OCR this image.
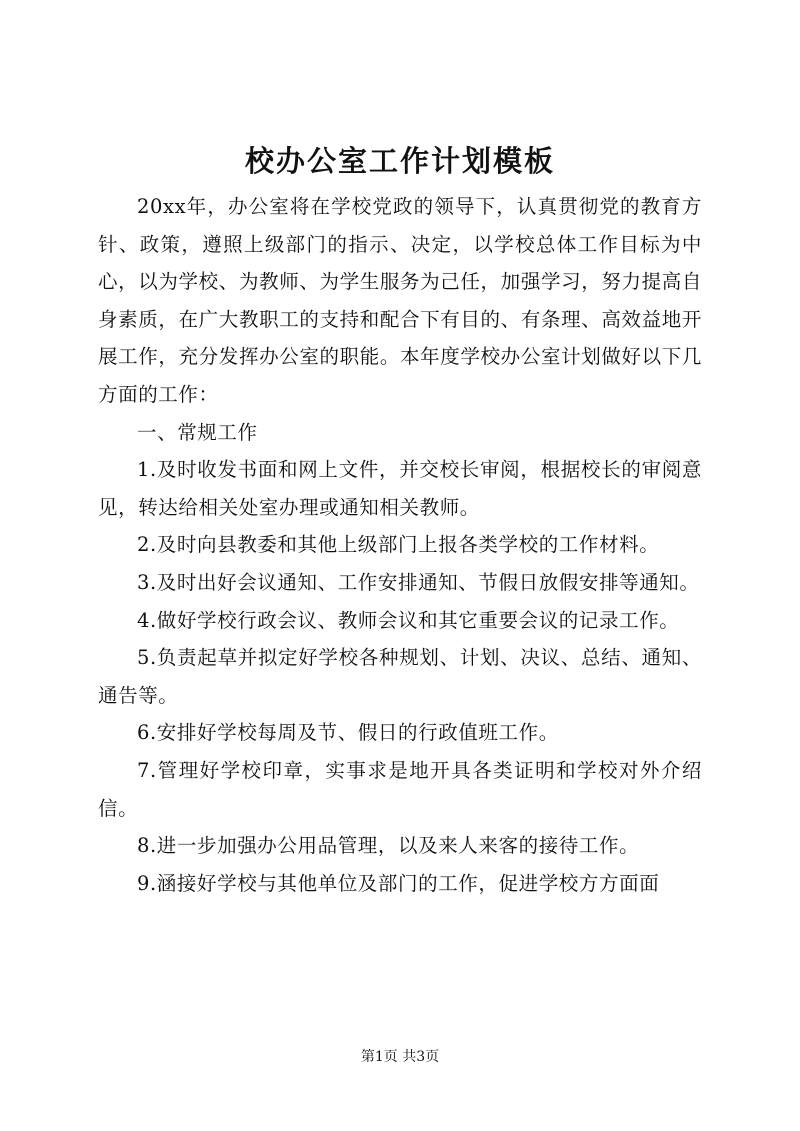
校办公室工作计划模板

20xx年，办公室将在学校党政的领导下，认真贯彻党的教育方针、政策，遵照上级部门的指示、决定，以学校总体工作目标为中心，以为学校、为教师、为学生服务为己任，加强学习，努力提高自身素质，在广大教职工的支持和配合下有目的、有条理、高效益地开展工作，充分发挥办公室的职能。本年度学校办公室计划做好以下几方面的工作：

一、常规工作

1.及时收发书面和网上文件，并交校长审阅，根据校长的审阅意见，转达给相关处室办理或通知相关教师。

2.及时向县教委和其他上级部门上报各类学校的工作材料。

3.及时出好会议通知、工作安排通知、节假日放假安排等通知。

4.做好学校行政会议、教师会议和其它重要会议的记录工作。

5.负责起草并拟定好学校各种规划、计划、决议、总结、通知、通告等。

6.安排好学校每周及节、假日的行政值班工作。

7.管理好学校印章，实事求是地开具各类证明和学校对外介绍信。

8.进一步加强办公用品管理，以及来人来客的接待工作。

9.涵接好学校与其他单位及部门的工作，促进学校方方面面

第1页 共3页
